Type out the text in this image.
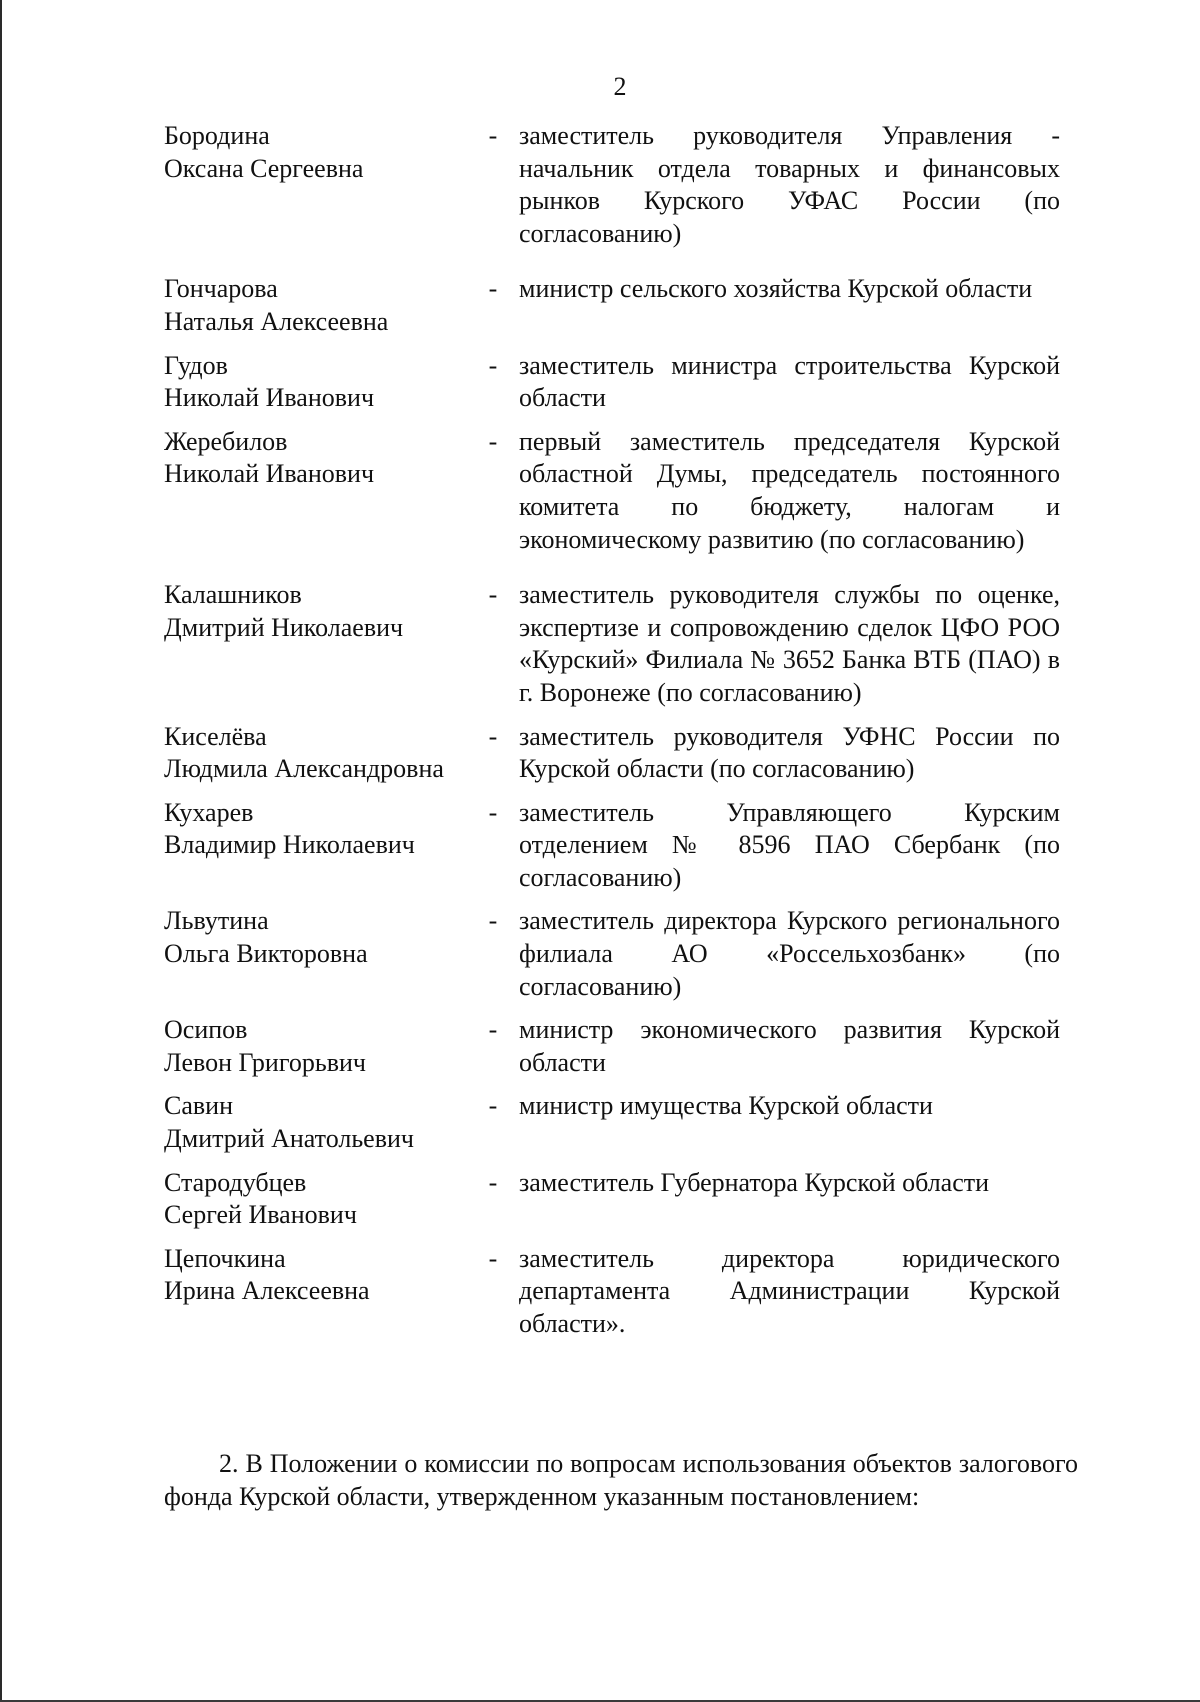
2
Бородина
Оксана Сергеевна
- заместитель руководителя Управления - начальник отдела товарных и финансовых рынков Курского УФАС России (по согласованию)
Гончарова
Наталья Алексеевна
- министр сельского хозяйства Курской области
Гудов
Николай Иванович
- заместитель министра строительства Курской области
Жеребилов
Николай Иванович
- первый заместитель председателя Курской областной Думы, председатель постоянного комитета по бюджету, налогам и экономическому развитию (по согласованию)
Калашников
Дмитрий Николаевич
- заместитель руководителя службы по оценке, экспертизе и сопровождению сделок ЦФО РОО «Курский» Филиала № 3652 Банка ВТБ (ПАО) в г. Воронеже (по согласованию)
Киселёва
Людмила Александровна
- заместитель руководителя УФНС России по Курской области (по согласованию)
Кухарев
Владимир Николаевич
- заместитель Управляющего Курским отделением № 8596 ПАО Сбербанк (по согласованию)
Львутина
Ольга Викторовна
- заместитель директора Курского регионального филиала АО «Россельхозбанк» (по согласованию)
Осипов
Левон Григорьвич
- министр экономического развития Курской области
Савин
Дмитрий Анатольевич
- министр имущества Курской области
Стародубцев
Сергей Иванович
- заместитель Губернатора Курской области
Цепочкина
Ирина Алексеевна
- заместитель директора юридического департамента Администрации Курской области».
2. В Положении о комиссии по вопросам использования объектов залогового фонда Курской области, утвержденном указанным постановлением:
